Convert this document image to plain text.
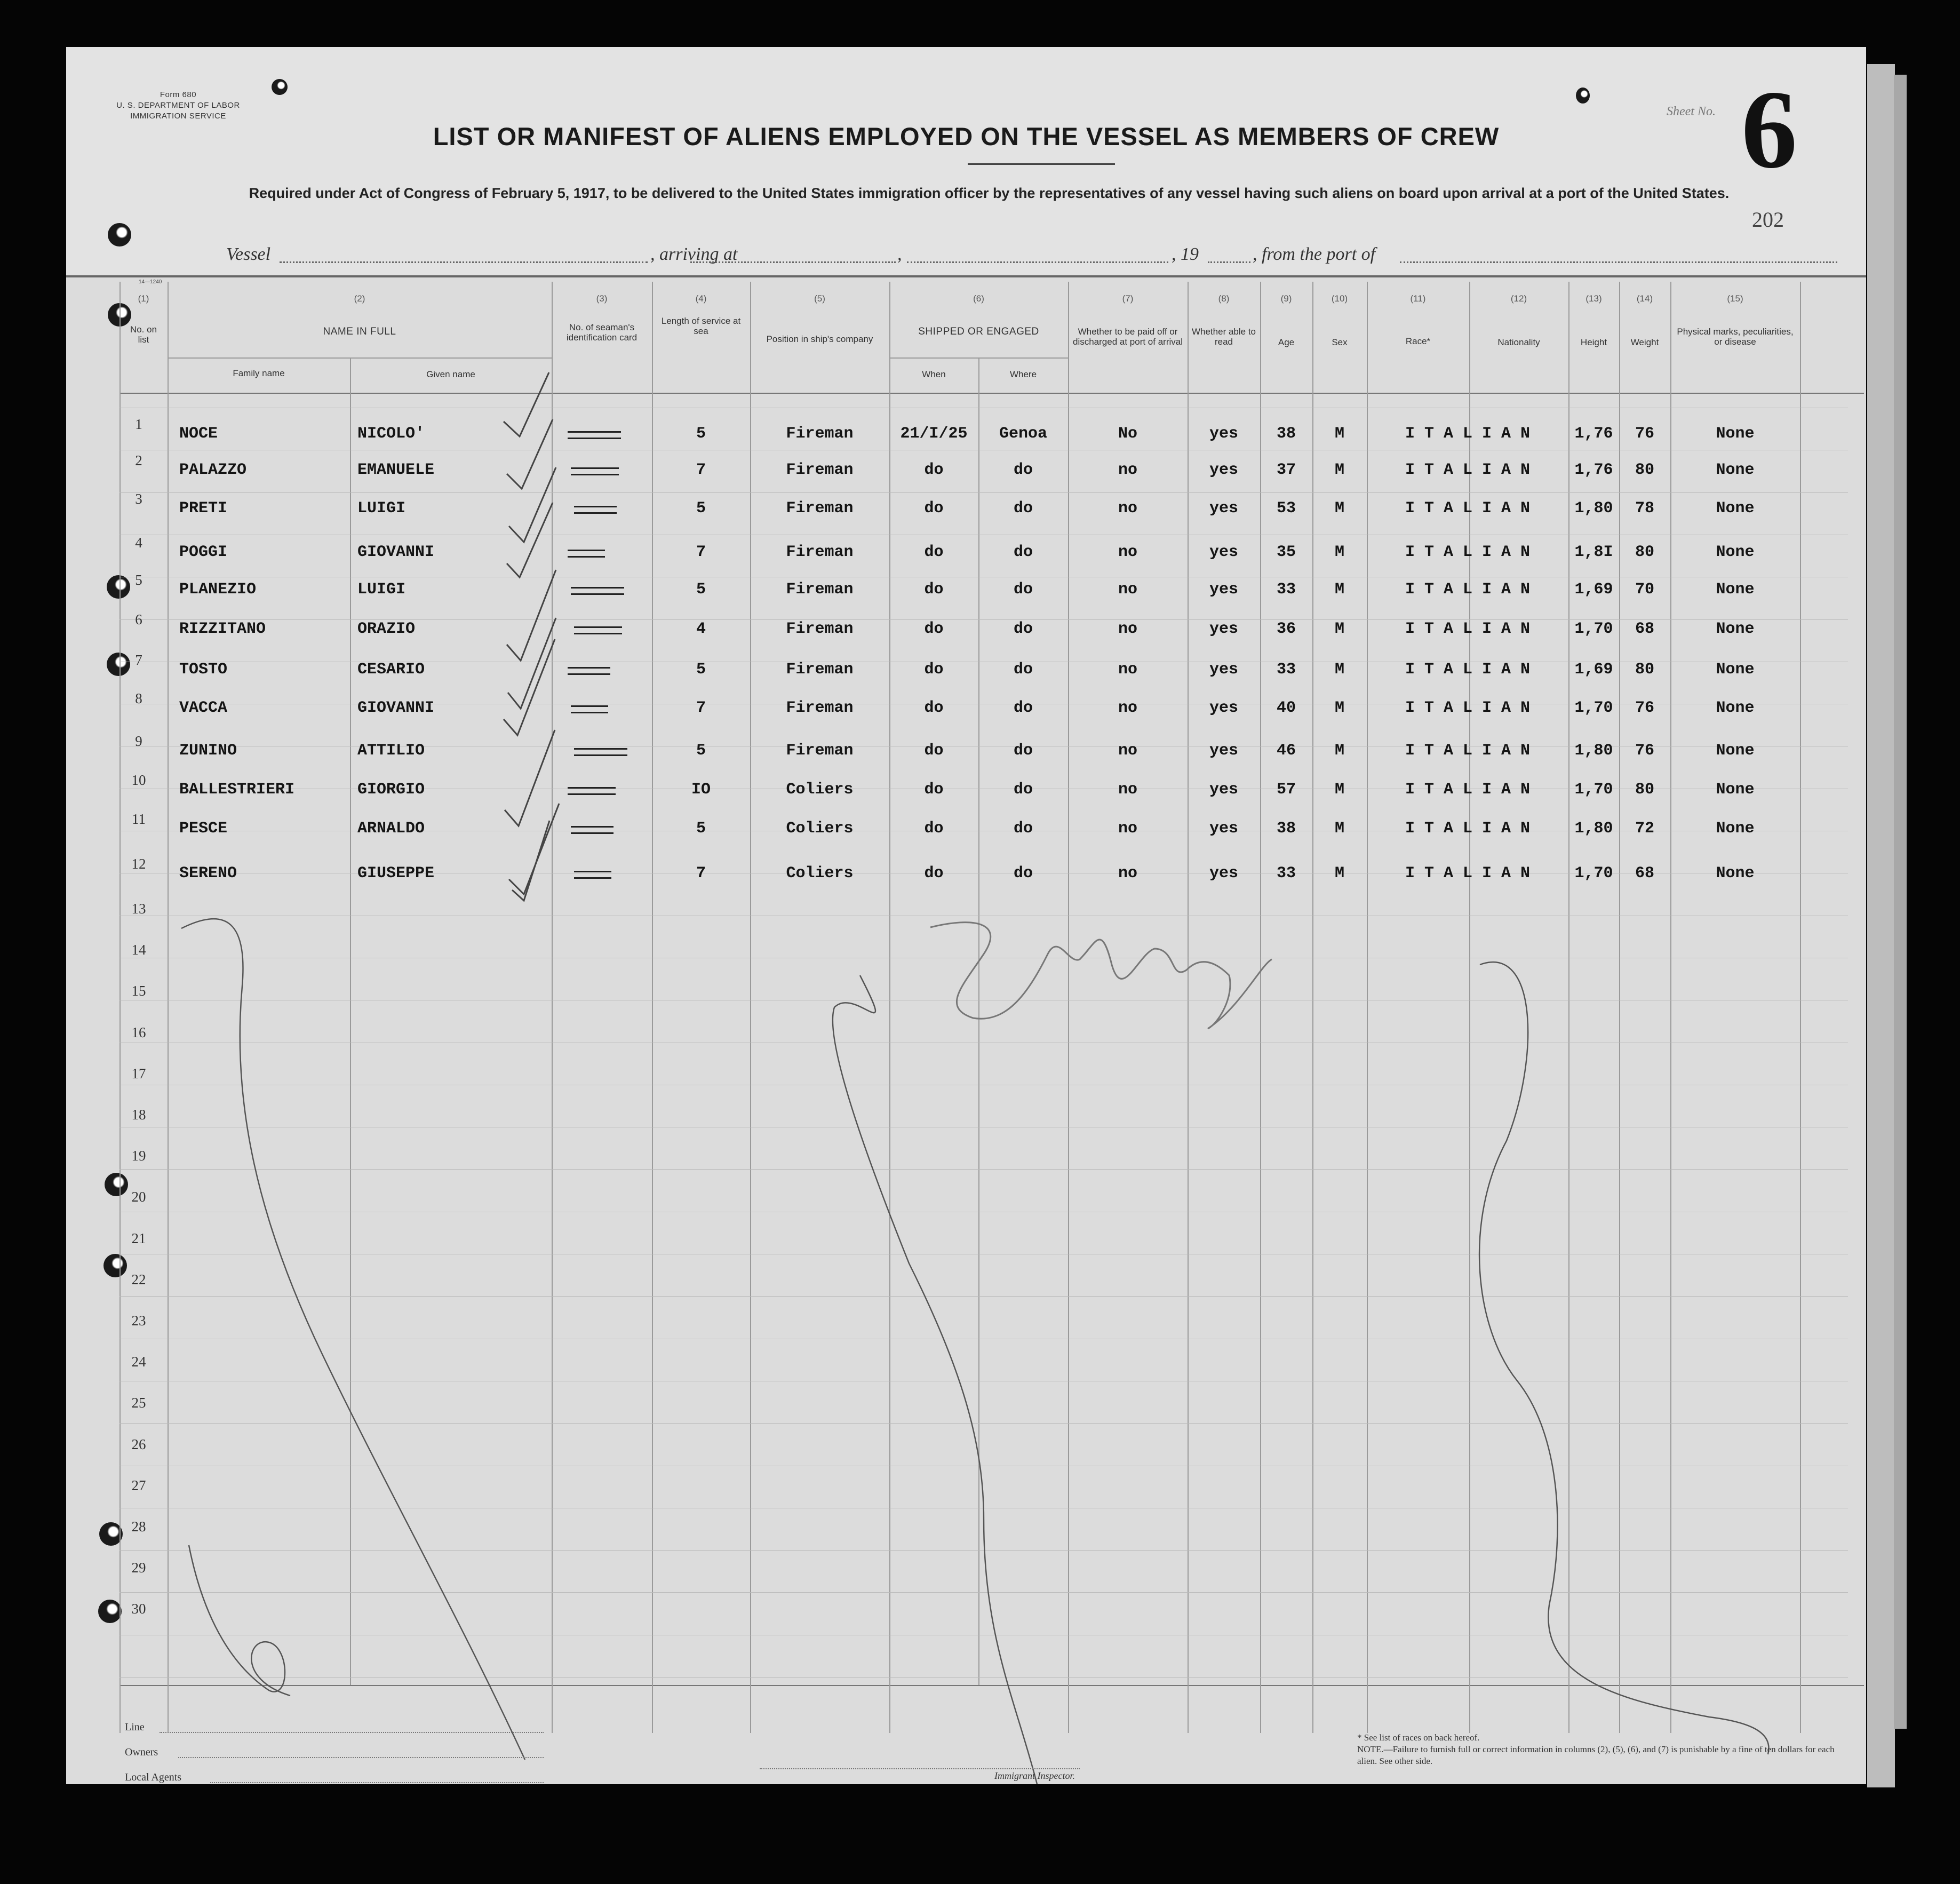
Form 680
U. S. DEPARTMENT OF LABOR
IMMIGRATION SERVICE
LIST OR MANIFEST OF ALIENS EMPLOYED ON THE VESSEL AS MEMBERS OF CREW
Required under Act of Congress of February 5, 1917, to be delivered to the United States immigration officer by the representatives of any vessel having such aliens on board upon arrival at a port of the United States.
Sheet No. 6
202
Vessel	, arriving at	,	, 19	, from the port of
14—1240
(1)	(2)	(3)	(4)	(5)	(6)	(7)	(8)	(9)	(10)	(11)	(12)	(13)	(14)	(15)
No. on list
NAME IN FULL
Family name	Given name
No. of seaman's identification card
Length of service at sea
Position in ship's company
SHIPPED OR ENGAGED
When	Where
Whether to be paid off or discharged at port of arrival
Whether able to read	Age	Sex	Race*	Nationality	Height	Weight
Physical marks, peculiarities, or disease
1
NOCE	NICOLO'	5	Fireman	21/I/25	Genoa	No	yes	38	M	I T A L I A N	1,76	76	None
2
PALAZZO	EMANUELE	7	Fireman	do	do	no	yes	37	M	I T A L I A N	1,76	80	None
3
PRETI	LUIGI	5	Fireman	do	do	no	yes	53	M	I T A L I A N	1,80	78	None
4
POGGI	GIOVANNI	7	Fireman	do	do	no	yes	35	M	I T A L I A N	1,8I	80	None
5
PLANEZIO	LUIGI	5	Fireman	do	do	no	yes	33	M	I T A L I A N	1,69	70	None
6
RIZZITANO	ORAZIO	4	Fireman	do	do	no	yes	36	M	I T A L I A N	1,70	68	None
7
TOSTO	CESARIO	5	Fireman	do	do	no	yes	33	M	I T A L I A N	1,69	80	None
8
VACCA	GIOVANNI	7	Fireman	do	do	no	yes	40	M	I T A L I A N	1,70	76	None
9
ZUNINO	ATTILIO	5	Fireman	do	do	no	yes	46	M	I T A L I A N	1,80	76	None
10
BALLESTRIERI	GIORGIO	IO	Coliers	do	do	no	yes	57	M	I T A L I A N	1,70	80	None
11
PESCE	ARNALDO	5	Coliers	do	do	no	yes	38	M	I T A L I A N	1,80	72	None
12
SERENO	GIUSEPPE	7	Coliers	do	do	no	yes	33	M	I T A L I A N	1,70	68	None
13
14
15
16
17
18
19
20
21
22
23
24
25
26
27
28
29
30
Line
Owners
Local Agents	Immigrant Inspector.
* See list of races on back hereof.
NOTE.—Failure to furnish full or correct information in columns (2), (5), (6), and (7) is punishable by a fine of ten dollars for each alien. See other side.
